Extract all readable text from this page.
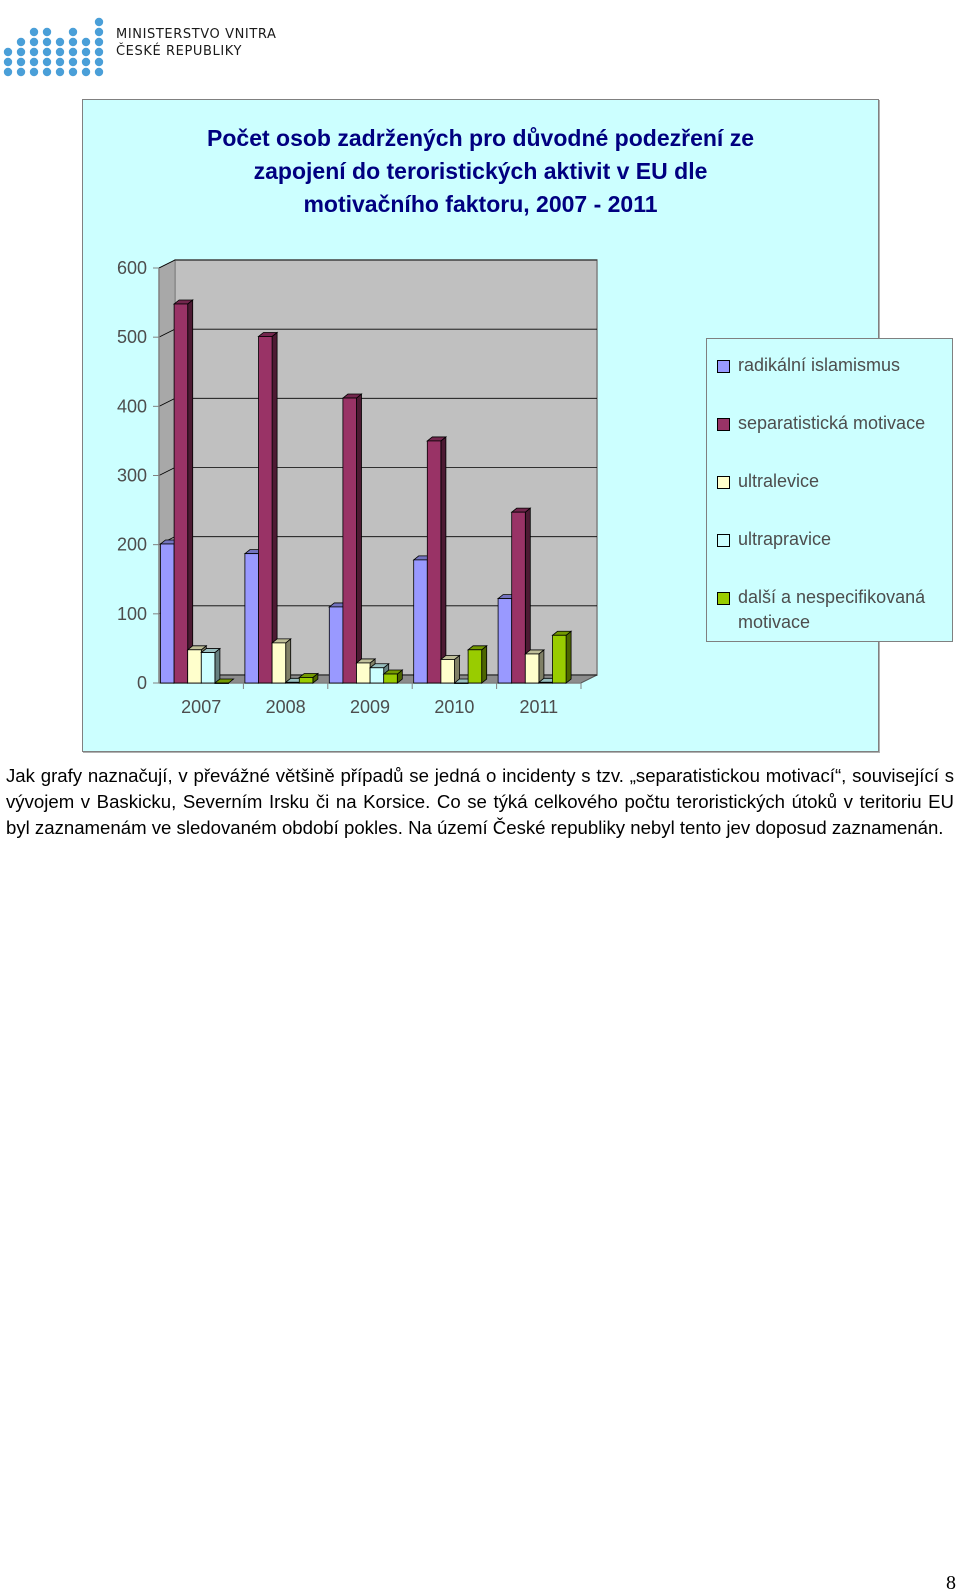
MINISTERSTVO VNITRA
ČESKÉ REPUBLIKY
Počet osob zadržených pro důvodné podezření ze
zapojení do teroristických aktivit v EU dle
motivačního faktoru, 2007 - 2011
0
100
200
300
400
500
600
2007 2008 2009 2010	2011
radikální islamismus
separatistická motivace
ultralevice
ultrapravice
další a nespecifikovaná motivace
Jak grafy naznačují, v převážné většině případů se jedná o incidenty s tzv. „separatistickou motivací“, související s vývojem v Baskicku, Severním Irsku či na Korsice. Co se týká celkového počtu teroristických útoků v teritoriu EU byl zaznamenám ve sledovaném období pokles. Na území České republiky nebyl tento jev doposud zaznamenán.
8
